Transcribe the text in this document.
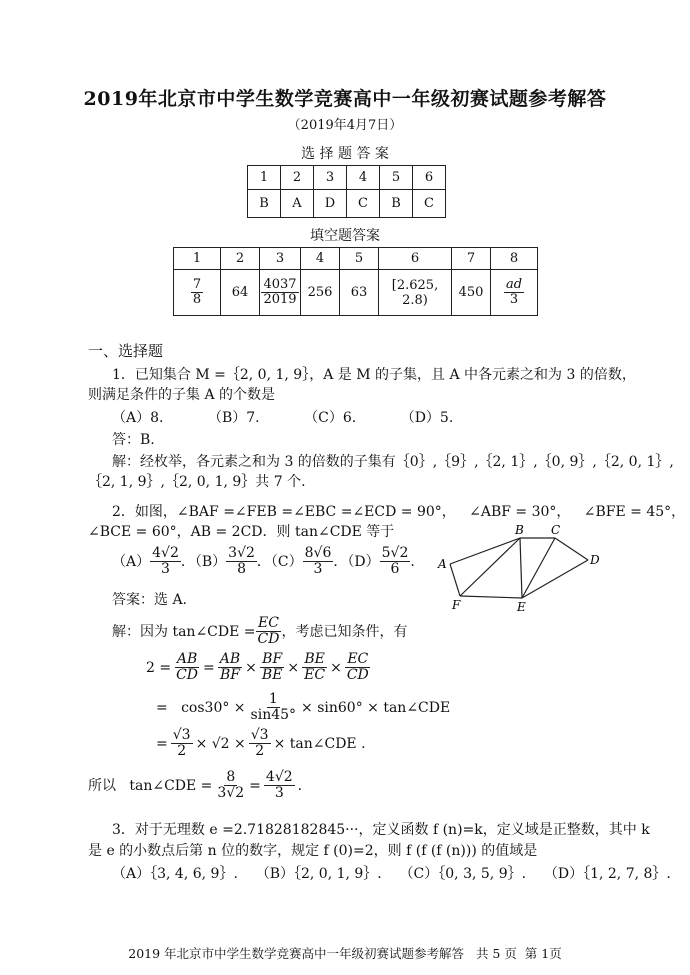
2019年北京市中学生数学竞赛高中一年级初赛试题参考解答
（2019年4月7日）
选 择 题 答 案
1	2	3	4	5	6
B	A	D	C	B	C
填空题答案
1	2	3	4	5	6	7	8

$\frac{7}{8}$	64	$\frac{4037}{2019}$	256	63	[2.625, 2.8)	450	$\frac{ad}{3}$
一、选择题
1．已知集合 M =｛2, 0, 1, 9｝，A 是 M 的子集，且 A 中各元素之和为 3 的倍数，
则满足条件的子集 A 的个数是
（A）8.          （B）7.          （C）6.          （D）5.
答：B.
解：经枚举，各元素之和为 3 的倍数的子集有｛0｝,｛9｝,｛2, 1｝,｛0, 9｝,｛2, 0, 1｝,
｛2, 1, 9｝,｛2, 0, 1, 9｝共 7 个.
2．如图，∠BAF =∠FEB =∠EBC =∠ECD = 90°，   ∠ABF = 30°，   ∠BFE = 45°，
∠BCE = 60°，AB = 2CD．则 tan∠CDE 等于
$(A) \frac{4√2}{3}$ ．$(B) \frac{3√2}{8}$ ．$(C) \frac{8√6}{3}$ ．$(D) \frac{5√2}{6}$ .
答案：选 A.
解：因为 tan∠CDE = $\frac{EC}{CD}$ ，考虑已知条件，有
$2 = \frac{AB}{CD} = \frac{AB}{BF} \times \frac{BF}{BE} \times \frac{BE}{EC} \times \frac{EC}{CD}$
=   $\cos 30^\circ \times \frac{1}{\sin 45^\circ} \times \sin 60^\circ$ × tan∠CDE
= $\frac{√3}{2} \times √2 \times \frac{√3}{2}$ × tan∠CDE .
所以   tan∠CDE = $\frac{8}{3√2} = \frac{4√2}{3}$ .
A
B C
D
E
F
3．对于无理数 e =2.71828182845···，定义函数 f (n)=k，定义域是正整数，其中 k
是 e 的小数点后第 n 位的数字，规定 f (0)=2，则 f (f (f (n))) 的值域是
（A）｛3, 4, 6, 9｝.    （B）｛2, 0, 1, 9｝.    （C）｛0, 3, 5, 9｝.    （D）｛1, 2, 7, 8｝.
2019 年北京市中学生数学竞赛高中一年级初赛试题参考解答   共 5 页  第 1页
